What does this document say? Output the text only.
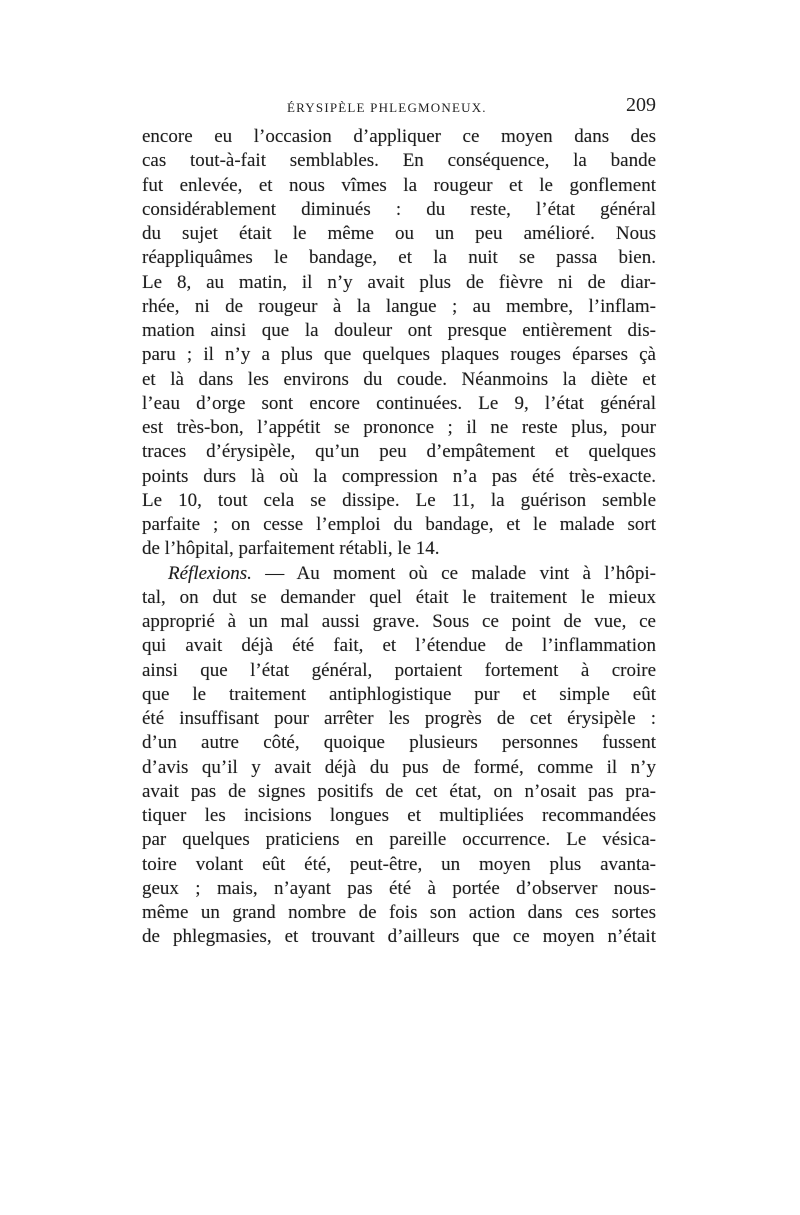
ÉRYSIPÈLE PHLEGMONEUX.	209
encore eu l’occasion d’appliquer ce moyen dans des
cas tout-à-fait semblables. En conséquence, la bande
fut enlevée, et nous vîmes la rougeur et le gonflement
considérablement diminués : du reste, l’état général
du sujet était le même ou un peu amélioré. Nous
réappliquâmes le bandage, et la nuit se passa bien.
Le 8, au matin, il n’y avait plus de fièvre ni de diar-
rhée, ni de rougeur à la langue ; au membre, l’inflam-
mation ainsi que la douleur ont presque entièrement dis-
paru ; il n’y a plus que quelques plaques rouges éparses çà
et là dans les environs du coude. Néanmoins la diète et
l’eau d’orge sont encore continuées. Le 9, l’état général
est très-bon, l’appétit se prononce ; il ne reste plus, pour
traces d’érysipèle, qu’un peu d’empâtement et quelques
points durs là où la compression n’a pas été très-exacte.
Le 10, tout cela se dissipe. Le 11, la guérison semble
parfaite ; on cesse l’emploi du bandage, et le malade sort
de l’hôpital, parfaitement rétabli, le 14.
Réflexions. — Au moment où ce malade vint à l’hôpi-
tal, on dut se demander quel était le traitement le mieux
approprié à un mal aussi grave. Sous ce point de vue, ce
qui avait déjà été fait, et l’étendue de l’inflammation
ainsi que l’état général, portaient fortement à croire
que le traitement antiphlogistique pur et simple eût
été insuffisant pour arrêter les progrès de cet érysipèle :
d’un autre côté, quoique plusieurs personnes fussent
d’avis qu’il y avait déjà du pus de formé, comme il n’y
avait pas de signes positifs de cet état, on n’osait pas pra-
tiquer les incisions longues et multipliées recommandées
par quelques praticiens en pareille occurrence. Le vésica-
toire volant eût été, peut-être, un moyen plus avanta-
geux ; mais, n’ayant pas été à portée d’observer nous-
même un grand nombre de fois son action dans ces sortes
de phlegmasies, et trouvant d’ailleurs que ce moyen n’était
